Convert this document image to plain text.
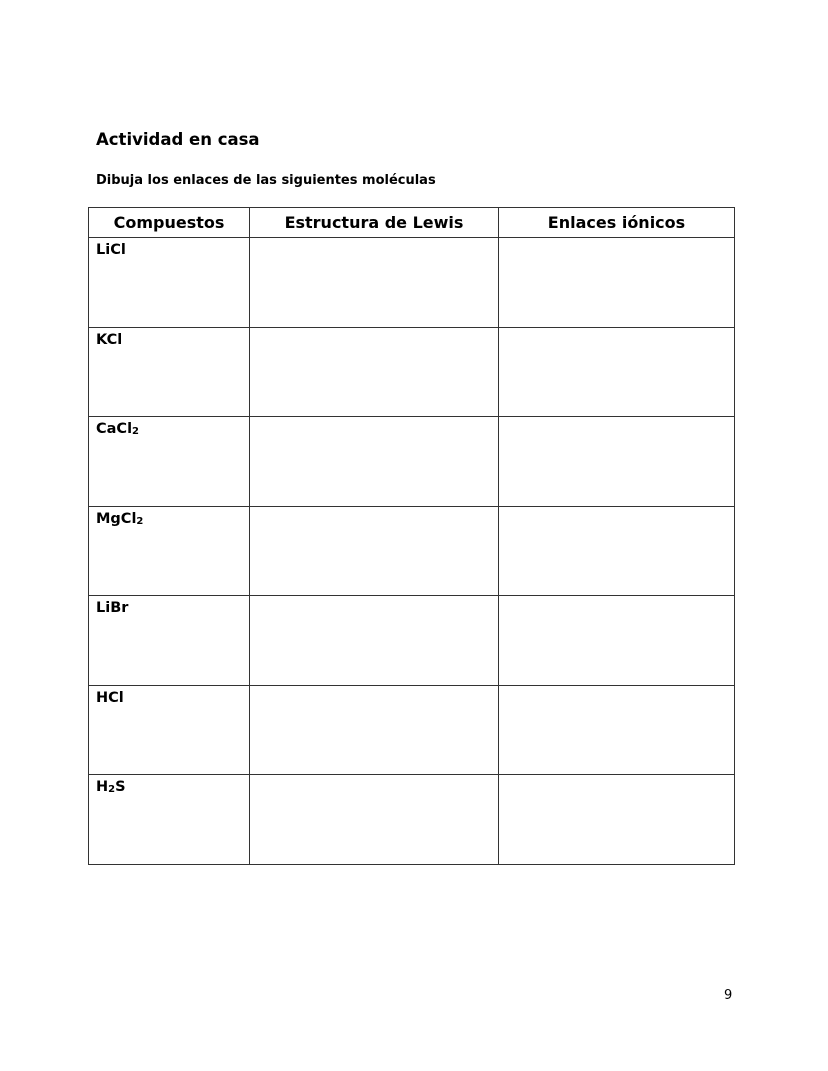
Actividad en casa
Dibuja los enlaces de las siguientes moléculas
Compuestos	Estructura de Lewis	Enlaces iónicos

LiCl		

KCl		

CaCl$_2$

MgCl$_2$

LiBr		

HCl		

$H_2S$		

9
